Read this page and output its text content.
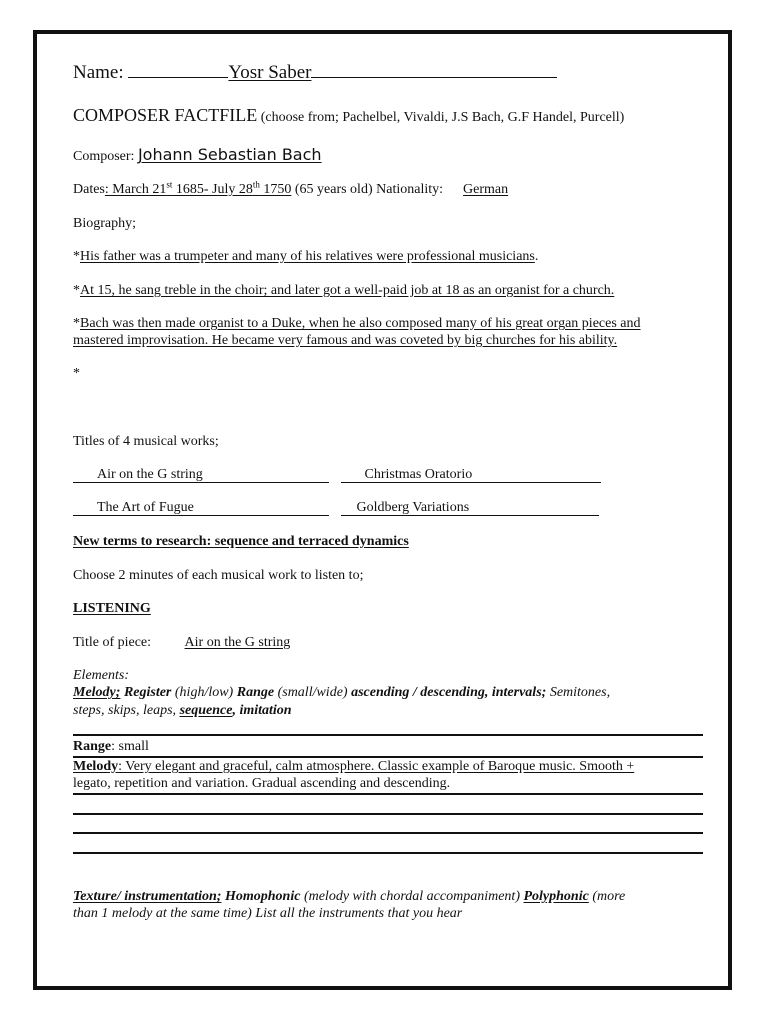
Name:	Yosr Saber
COMPOSER FACTFILE (choose from; Pachelbel, Vivaldi, J.S Bach, G.F Handel, Purcell)
Composer: Johann Sebastian Bach
Dates: March 21st 1685- July 28th 1750 (65 years old) Nationality: German
Biography;
*His father was a trumpeter and many of his relatives were professional musicians.
*At 15, he sang treble in the choir; and later got a well-paid job at 18 as an organist for a church.
*Bach was then made organist to a Duke, when he also composed many of his great organ pieces and
mastered improvisation. He became very famous and was coveted by big churches for his ability.
*
Titles of 4 musical works;
Air on the G string	Christmas Oratorio
The Art of Fugue	Goldberg Variations
New terms to research: sequence and terraced dynamics
Choose 2 minutes of each musical work to listen to;
LISTENING
Title of piece: Air on the G string
Elements:
Melody; Register (high/low) Range (small/wide) ascending / descending, intervals; Semitones,
steps, skips, leaps, sequence, imitation
Range: small
Melody: Very elegant and graceful, calm atmosphere. Classic example of Baroque music. Smooth +
legato, repetition and variation. Gradual ascending and descending.
Texture/ instrumentation; Homophonic (melody with chordal accompaniment) Polyphonic (more
than 1 melody at the same time) List all the instruments that you hear
